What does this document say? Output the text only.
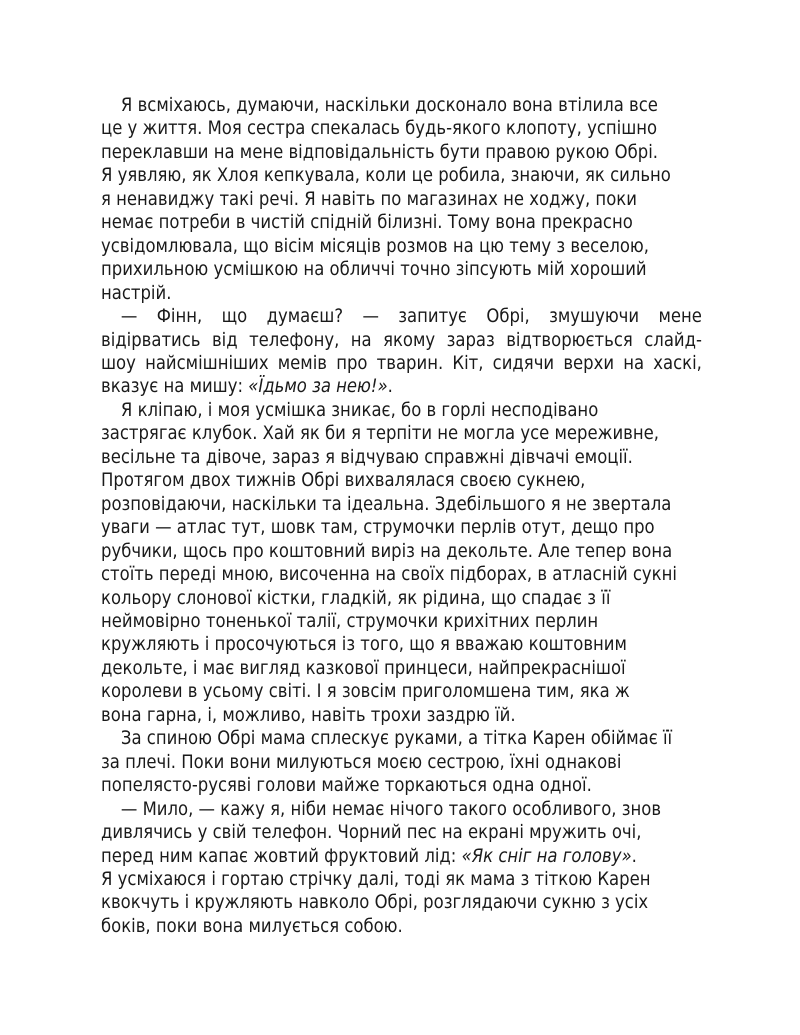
Я всміхаюсь, думаючи, наскільки досконало вона втілила все
це у життя. Моя сестра спекалась будь-якого клопоту, успішно
переклавши на мене відповідальність бути правою рукою Обрі.
Я уявляю, як Хлоя кепкувала, коли це робила, знаючи, як сильно
я ненавиджу такі речі. Я навіть по магазинах не ходжу, поки
немає потреби в чистій спідній білизні. Тому вона прекрасно
усвідомлювала, що вісім місяців розмов на цю тему з веселою,
прихильною усмішкою на обличчі точно зіпсують мій хороший
настрій.
— Фінн, що думаєш? — запитує Обрі, змушуючи мене
відірватись від телефону, на якому зараз відтворюється слайд-
шоу найсмішніших мемів про тварин. Кіт, сидячи верхи на хаскі,
вказує на мишу: «Їдьмо за нею!».
Я кліпаю, і моя усмішка зникає, бо в горлі несподівано
застрягає клубок. Хай як би я терпіти не могла усе мереживне,
весільне та дівоче, зараз я відчуваю справжні дівчачі емоції.
Протягом двох тижнів Обрі вихвалялася своєю сукнею,
розповідаючи, наскільки та ідеальна. Здебільшого я не звертала
уваги — атлас тут, шовк там, струмочки перлів отут, дещо про
рубчики, щось про коштовний виріз на декольте. Але тепер вона
стоїть переді мною, височенна на своїх підборах, в атласній сукні
кольору слонової кістки, гладкій, як рідина, що спадає з її
неймовірно тоненької талії, струмочки крихітних перлин
кружляють і просочуються із того, що я вважаю коштовним
декольте, і має вигляд казкової принцеси, найпрекраснішої
королеви в усьому світі. І я зовсім приголомшена тим, яка ж
вона гарна, і, можливо, навіть трохи заздрю їй.
За спиною Обрі мама сплескує руками, а тітка Карен обіймає її
за плечі. Поки вони милуються моєю сестрою, їхні однакові
попелясто-русяві голови майже торкаються одна одної.
— Мило, — кажу я, ніби немає нічого такого особливого, знов
дивлячись у свій телефон. Чорний пес на екрані мружить очі,
перед ним капає жовтий фруктовий лід: «Як сніг на голову».
Я усміхаюся і гортаю стрічку далі, тоді як мама з тіткою Карен
квокчуть і кружляють навколо Обрі, розглядаючи сукню з усіх
боків, поки вона милується собою.
